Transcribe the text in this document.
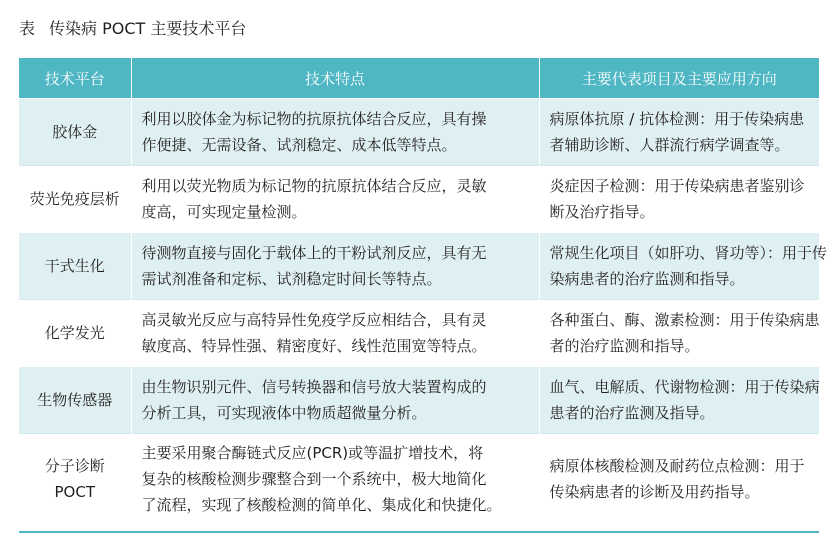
表 传染病 POCT 主要技术平台
技术平台	技术特点	主要代表项目及主要应用方向

胶体金	利用以胶体金为标记物的抗原抗体结合反应，具有操
作便捷、无需设备、试剂稳定、成本低等特点。	病原体抗原 / 抗体检测：用于传染病患
者辅助诊断、人群流行病学调查等。

荧光免疫层析	利用以荧光物质为标记物的抗原抗体结合反应，灵敏
度高，可实现定量检测。	炎症因子检测：用于传染病患者鉴别诊
断及治疗指导。

干式生化	待测物直接与固化于载体上的干粉试剂反应，具有无
需试剂准备和定标、试剂稳定时间长等特点。	常规生化项目（如肝功、肾功等）：用于传
染病患者的治疗监测和指导。

化学发光	高灵敏光反应与高特异性免疫学反应相结合，具有灵
敏度高、特异性强、精密度好、线性范围宽等特点。	各种蛋白、酶、激素检测：用于传染病患
者的治疗监测和指导。

生物传感器	由生物识别元件、信号转换器和信号放大装置构成的
分析工具，可实现液体中物质超微量分析。	血气、电解质、代谢物检测：用于传染病
患者的治疗监测及指导。

分子诊断
POCT	主要采用聚合酶链式反应(PCR)或等温扩增技术，将
复杂的核酸检测步骤整合到一个系统中，极大地简化
了流程，实现了核酸检测的简单化、集成化和快捷化。	病原体核酸检测及耐药位点检测：用于
传染病患者的诊断及用药指导。
